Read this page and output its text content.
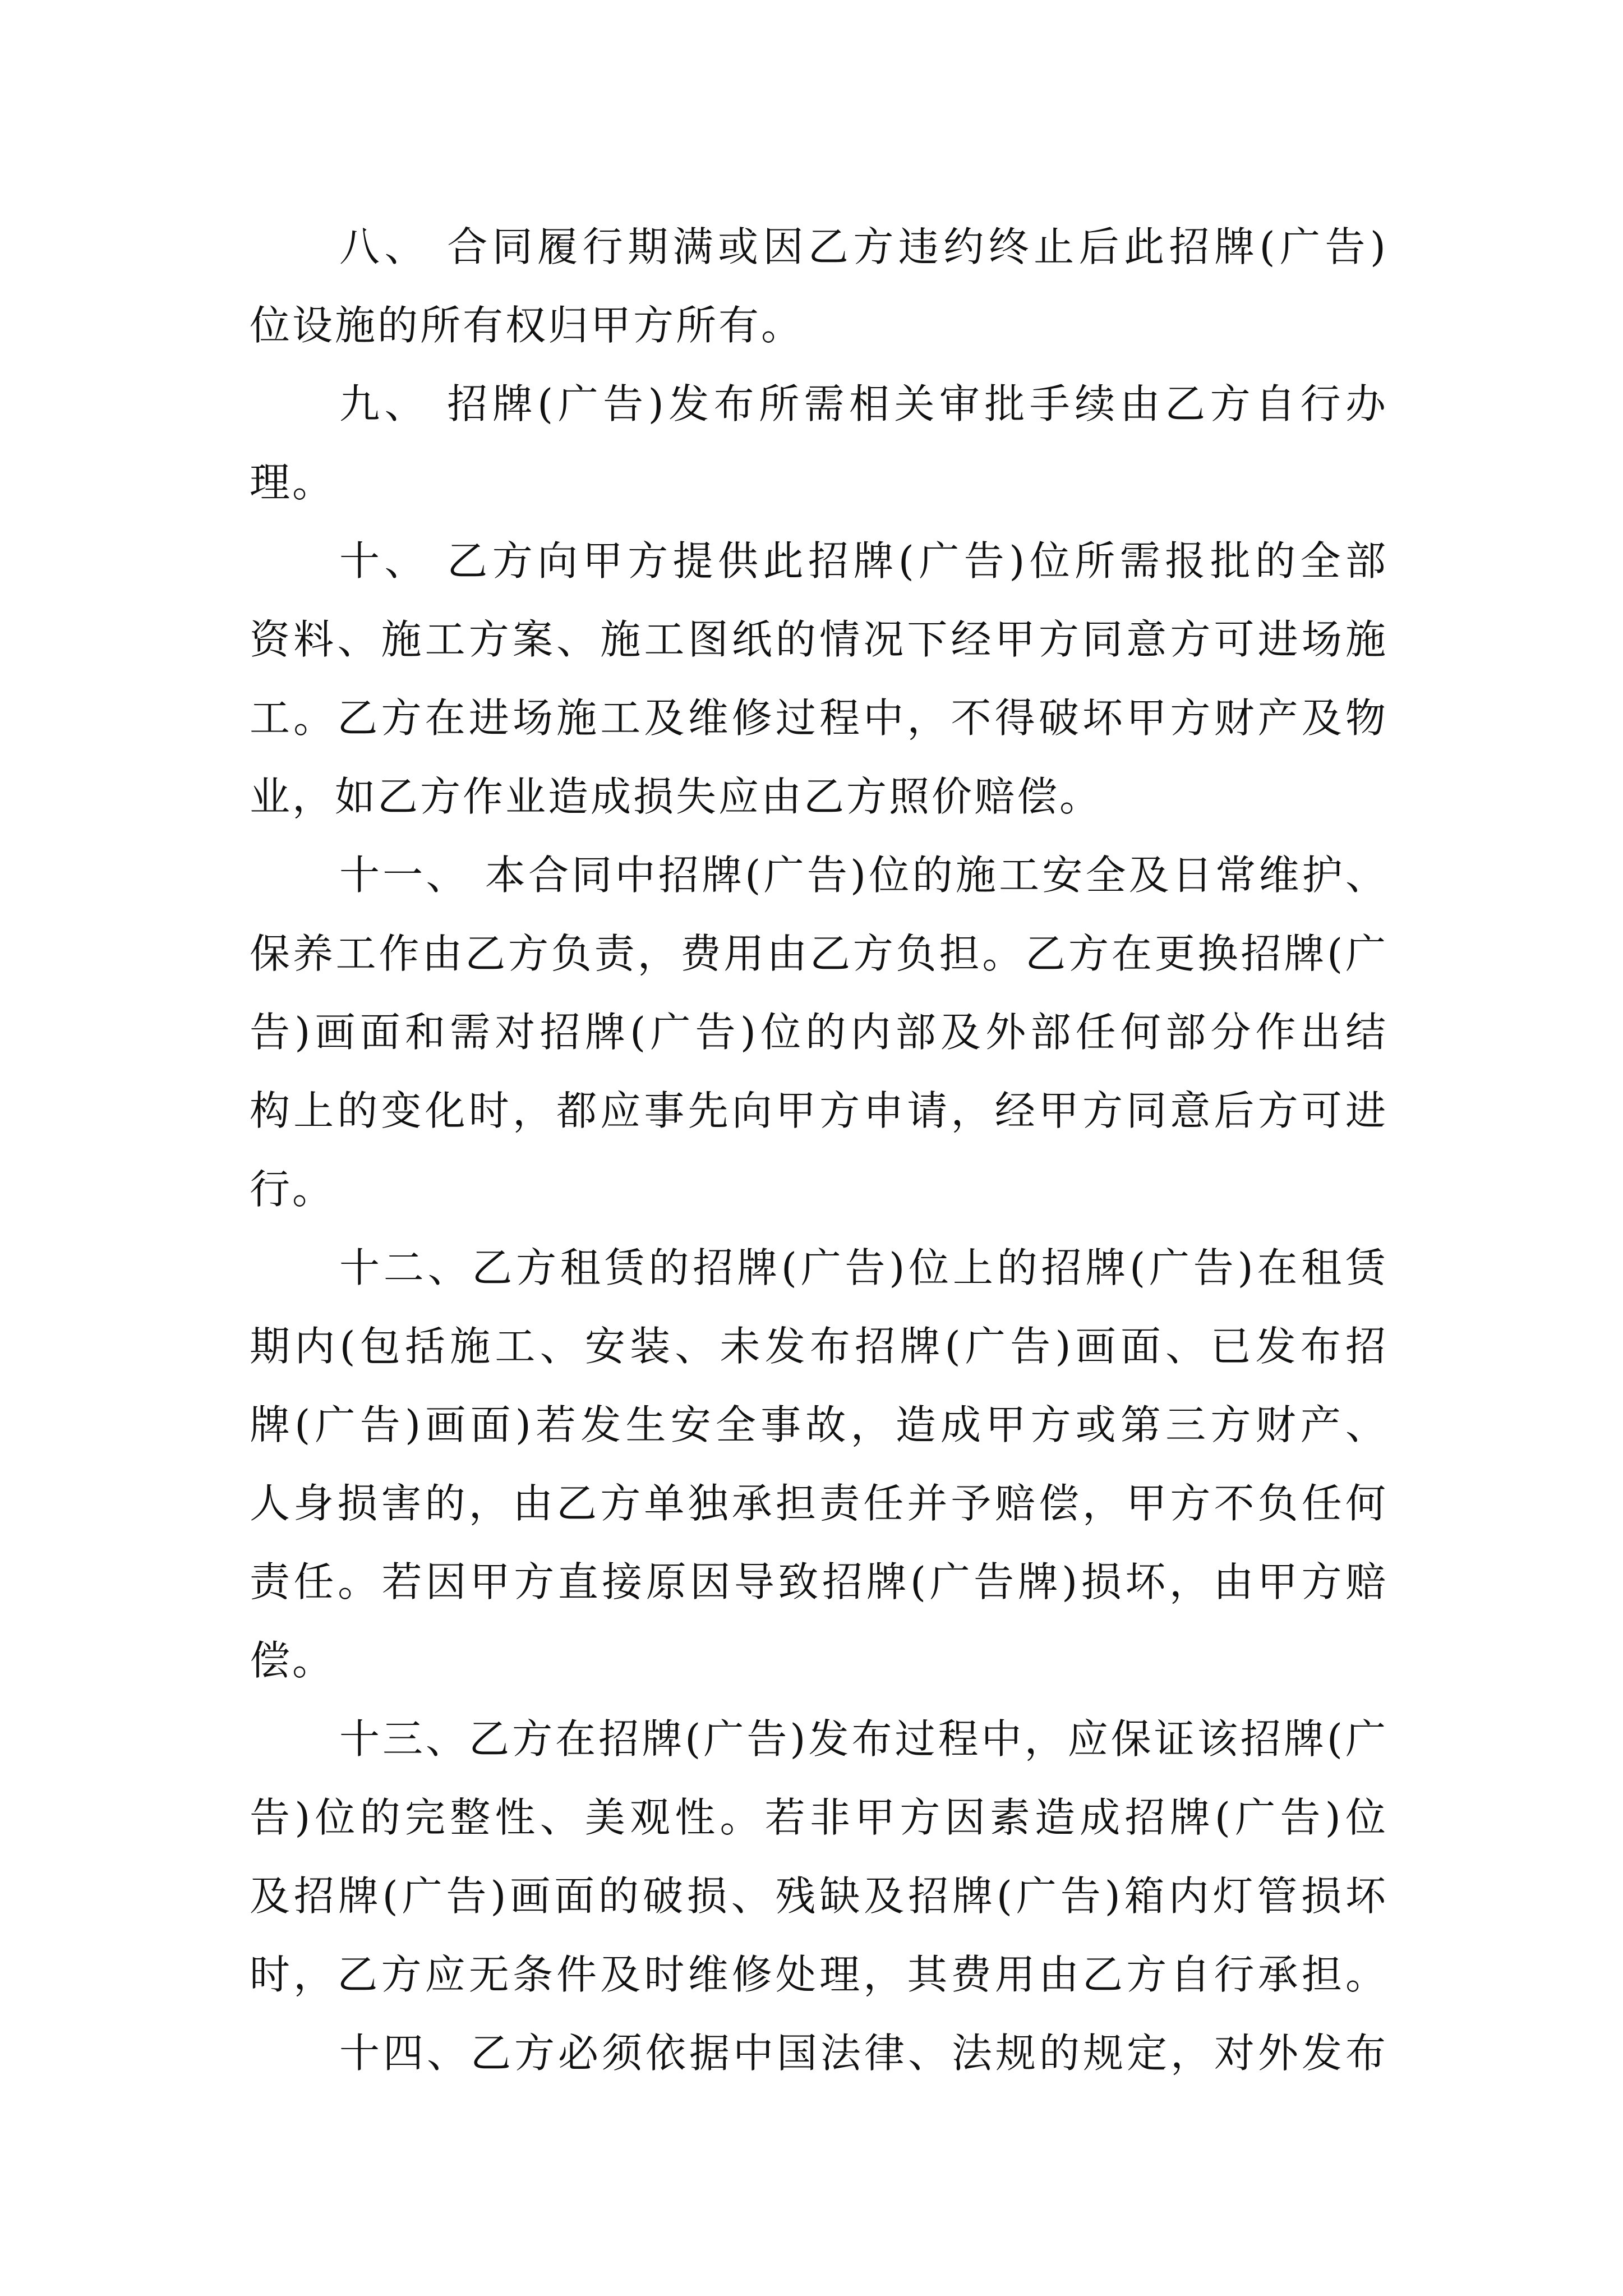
八、 合同履行期满或因乙方违约终止后此招牌(广告)
位设施的所有权归甲方所有。
九、 招牌(广告)发布所需相关审批手续由乙方自行办
理。
十、 乙方向甲方提供此招牌(广告)位所需报批的全部
资料、施工方案、施工图纸的情况下经甲方同意方可进场施
工。乙方在进场施工及维修过程中，不得破坏甲方财产及物
业，如乙方作业造成损失应由乙方照价赔偿。
十一、 本合同中招牌(广告)位的施工安全及日常维护、
保养工作由乙方负责，费用由乙方负担。乙方在更换招牌(广
告)画面和需对招牌(广告)位的内部及外部任何部分作出结
构上的变化时，都应事先向甲方申请，经甲方同意后方可进
行。
十二、乙方租赁的招牌(广告)位上的招牌(广告)在租赁
期内(包括施工、安装、未发布招牌(广告)画面、已发布招
牌(广告)画面)若发生安全事故，造成甲方或第三方财产、
人身损害的，由乙方单独承担责任并予赔偿，甲方不负任何
责任。若因甲方直接原因导致招牌(广告牌)损坏，由甲方赔
偿。
十三、乙方在招牌(广告)发布过程中，应保证该招牌(广
告)位的完整性、美观性。若非甲方因素造成招牌(广告)位
及招牌(广告)画面的破损、残缺及招牌(广告)箱内灯管损坏
时，乙方应无条件及时维修处理，其费用由乙方自行承担。
十四、乙方必须依据中国法律、法规的规定，对外发布
